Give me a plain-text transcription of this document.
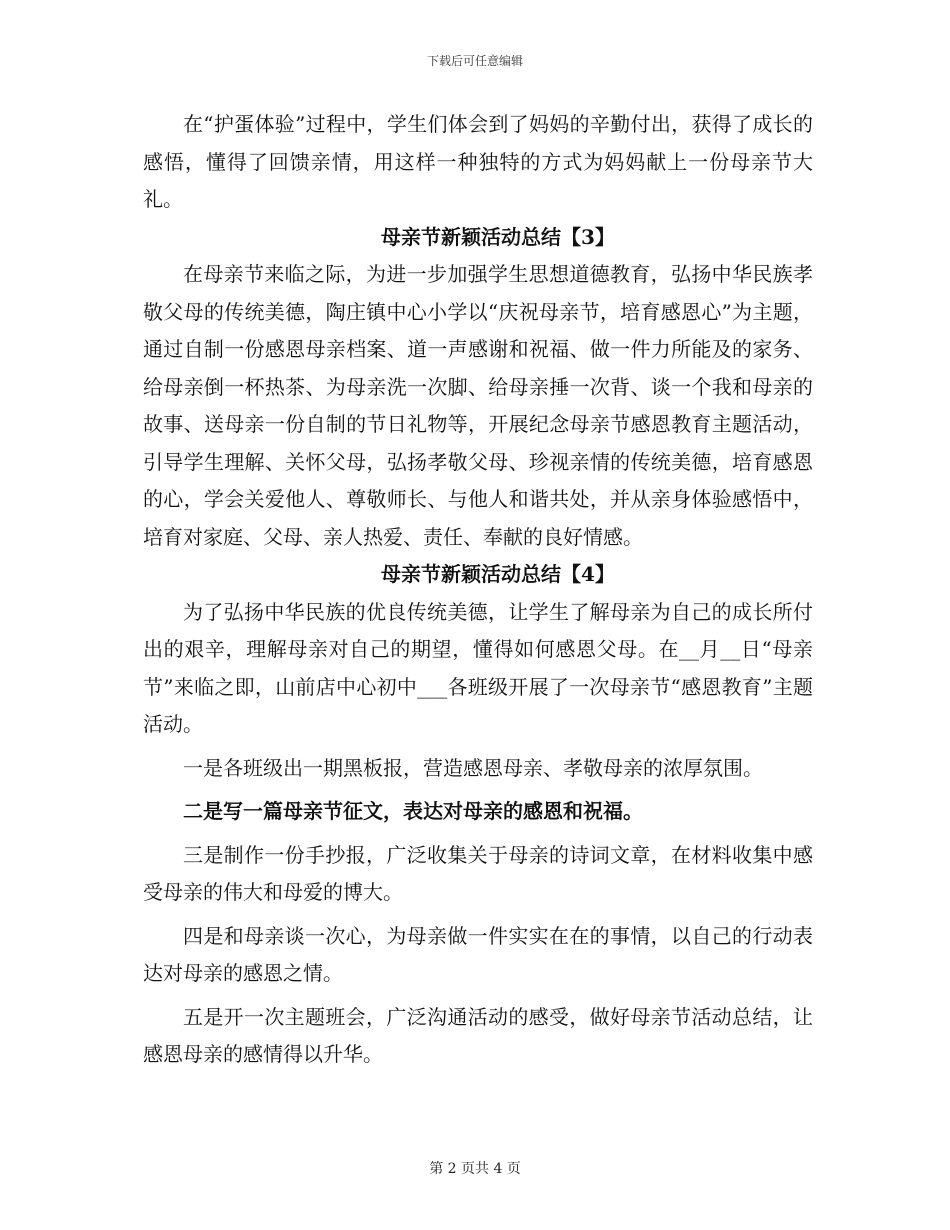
下载后可任意编辑

在“护蛋体验”过程中，学生们体会到了妈妈的辛勤付出，获得了成长的感悟，懂得了回馈亲情，用这样一种独特的方式为妈妈献上一份母亲节大礼。

母亲节新颖活动总结【3】

在母亲节来临之际，为进一步加强学生思想道德教育，弘扬中华民族孝敬父母的传统美德，陶庄镇中心小学以“庆祝母亲节，培育感恩心”为主题，通过自制一份感恩母亲档案、道一声感谢和祝福、做一件力所能及的家务、给母亲倒一杯热茶、为母亲洗一次脚、给母亲捶一次背、谈一个我和母亲的故事、送母亲一份自制的节日礼物等，开展纪念母亲节感恩教育主题活动，引导学生理解、关怀父母，弘扬孝敬父母、珍视亲情的传统美德，培育感恩的心，学会关爱他人、尊敬师长、与他人和谐共处，并从亲身体验感悟中，培育对家庭、父母、亲人热爱、责任、奉献的良好情感。

母亲节新颖活动总结【4】

为了弘扬中华民族的优良传统美德，让学生了解母亲为自己的成长所付出的艰辛，理解母亲对自己的期望，懂得如何感恩父母。在__月__日“母亲节”来临之即，山前店中心初中___各班级开展了一次母亲节“感恩教育”主题活动。

一是各班级出一期黑板报，营造感恩母亲、孝敬母亲的浓厚氛围。

二是写一篇母亲节征文，表达对母亲的感恩和祝福。

三是制作一份手抄报，广泛收集关于母亲的诗词文章，在材料收集中感受母亲的伟大和母爱的博大。

四是和母亲谈一次心，为母亲做一件实实在在的事情，以自己的行动表达对母亲的感恩之情。

五是开一次主题班会，广泛沟通活动的感受，做好母亲节活动总结，让感恩母亲的感情得以升华。

第 2 页共 4 页
